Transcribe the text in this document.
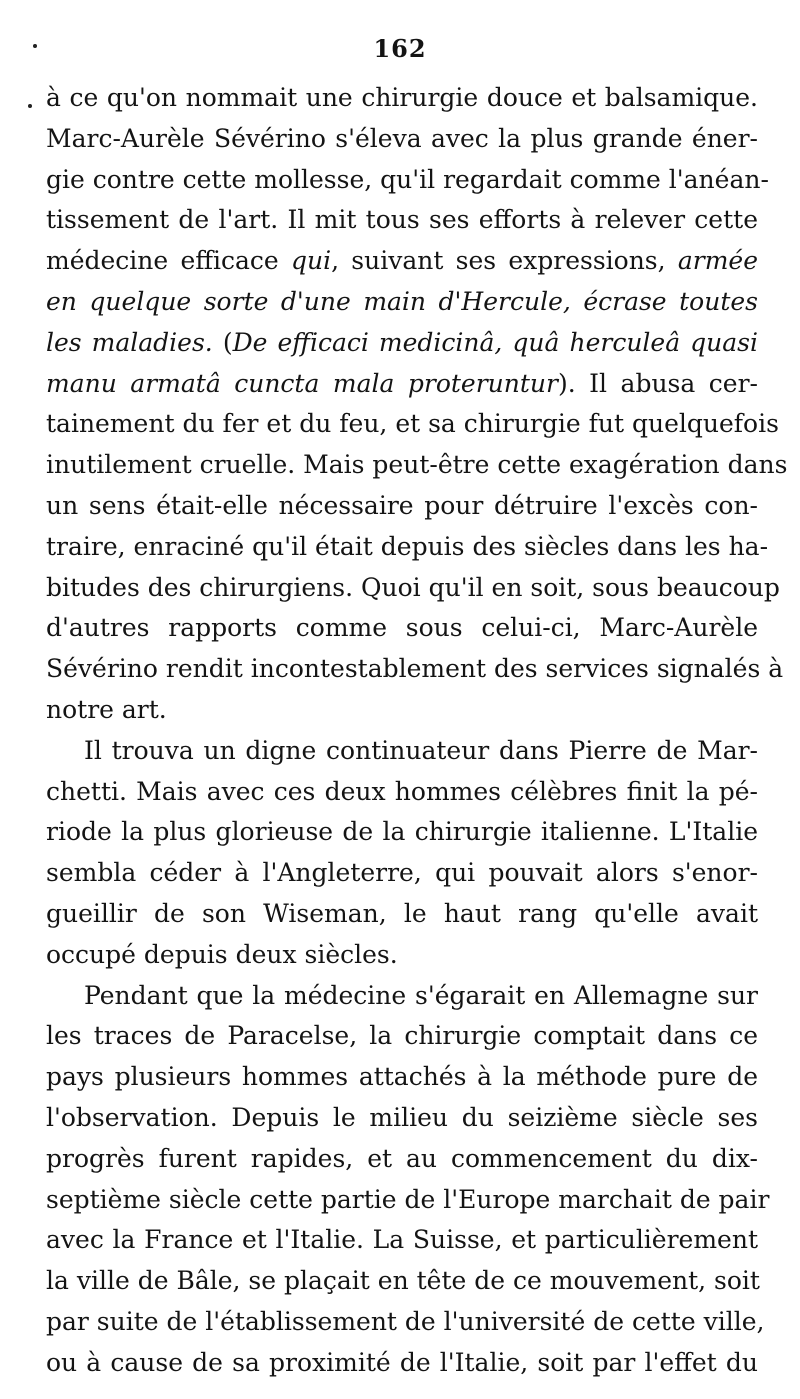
162
à ce qu'on nommait une chirurgie douce et balsamique.
Marc-Aurèle Sévérino s'éleva avec la plus grande éner-
gie contre cette mollesse, qu'il regardait comme l'anéan-
tissement de l'art. Il mit tous ses efforts à relever cette
médecine efficace qui, suivant ses expressions, armée
en quelque sorte d'une main d'Hercule, écrase toutes
les maladies. (De efficaci medicinâ, quâ herculeâ quasi
manu armatâ cuncta mala proteruntur). Il abusa cer-
tainement du fer et du feu, et sa chirurgie fut quelquefois
inutilement cruelle. Mais peut-être cette exagération dans
un sens était-elle nécessaire pour détruire l'excès con-
traire, enraciné qu'il était depuis des siècles dans les ha-
bitudes des chirurgiens. Quoi qu'il en soit, sous beaucoup
d'autres rapports comme sous celui-ci, Marc-Aurèle
Sévérino rendit incontestablement des services signalés à
notre art.
Il trouva un digne continuateur dans Pierre de Mar-
chetti. Mais avec ces deux hommes célèbres finit la pé-
riode la plus glorieuse de la chirurgie italienne. L'Italie
sembla céder à l'Angleterre, qui pouvait alors s'enor-
gueillir de son Wiseman, le haut rang qu'elle avait
occupé depuis deux siècles.
Pendant que la médecine s'égarait en Allemagne sur
les traces de Paracelse, la chirurgie comptait dans ce
pays plusieurs hommes attachés à la méthode pure de
l'observation. Depuis le milieu du seizième siècle ses
progrès furent rapides, et au commencement du dix-
septième siècle cette partie de l'Europe marchait de pair
avec la France et l'Italie. La Suisse, et particulièrement
la ville de Bâle, se plaçait en tête de ce mouvement, soit
par suite de l'établissement de l'université de cette ville,
ou à cause de sa proximité de l'Italie, soit par l'effet du
